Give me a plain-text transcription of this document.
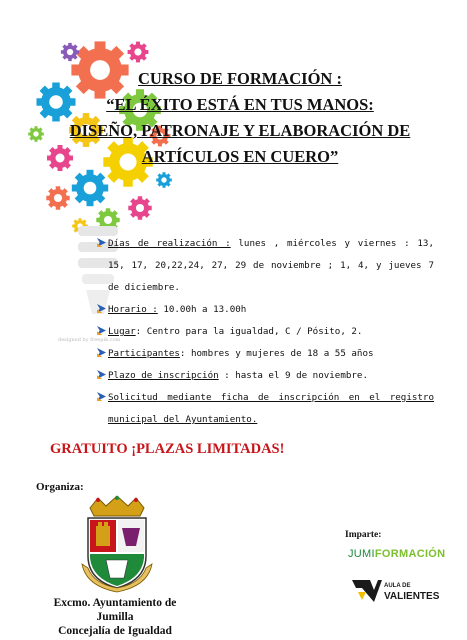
designed by freepik.com
CURSO DE FORMACIÓN :
“EL ÉXITO ESTÁ EN TUS MANOS:
DISEÑO, PATRONAJE Y ELABORACIÓN DE
ARTÍCULOS EN CUERO”
Días de realización : lunes , miércoles y viernes : 13, 15, 17, 20,22,24, 27, 29 de noviembre ; 1, 4, y jueves 7 de diciembre.
Horario : 10.00h a 13.00h
Lugar: Centro para la igualdad, C / Pósito, 2.
Participantes: hombres y mujeres de 18 a 55 años
Plazo de inscripción : hasta el 9 de noviembre.
Solicitud mediante ficha de inscripción en el registro municipal del Ayuntamiento.
GRATUITO ¡PLAZAS LIMITADAS!
Organiza:
Excmo. Ayuntamiento de
Jumilla
Concejalía de Igualdad
Imparte:
JUMIFORMACIÓN
AULA DE
VALIENTES
